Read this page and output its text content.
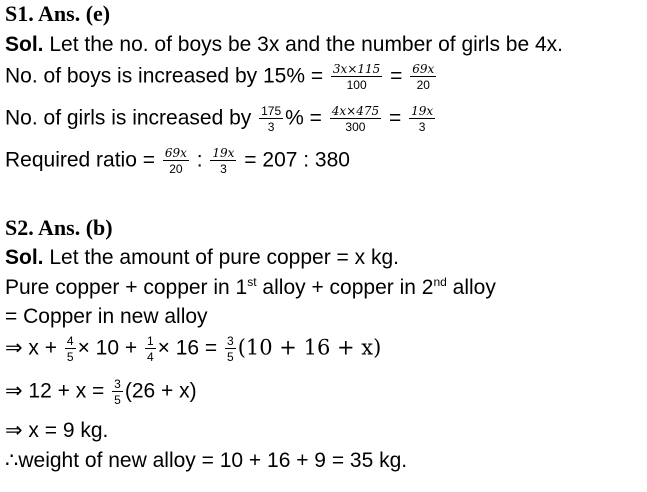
S1. Ans. (e)
Sol. Let the no. of boys be 3x and the number of girls be 4x.
No. of boys is increased by $15\% = \frac{3x\times 115}{100} = \frac{69x}{20}$
No. of girls is increased by $\frac{175}{3}$ % = $\frac{4x\times 475}{300} = \frac{19x}{3}$
Required ratio = $\frac{69x}{20}$ : $\frac{19x}{3} = 207$ : 380
S2. Ans. (b)
Sol. Let the amount of pure copper = x kg.
Pure copper + copper in 1st alloy + copper in 2nd alloy
= Copper in new alloy
⇒ $x + \frac{4}{5} \times 10 + \frac{1}{4} \times 16 = \frac{3}{5} (10 + 16 + x)$
⇒ $12 + x = \frac{3}{5} (26 + x)$
⇒ x = 9 kg.
∴weight of new alloy = 10 + 16 + 9 = 35 kg.
